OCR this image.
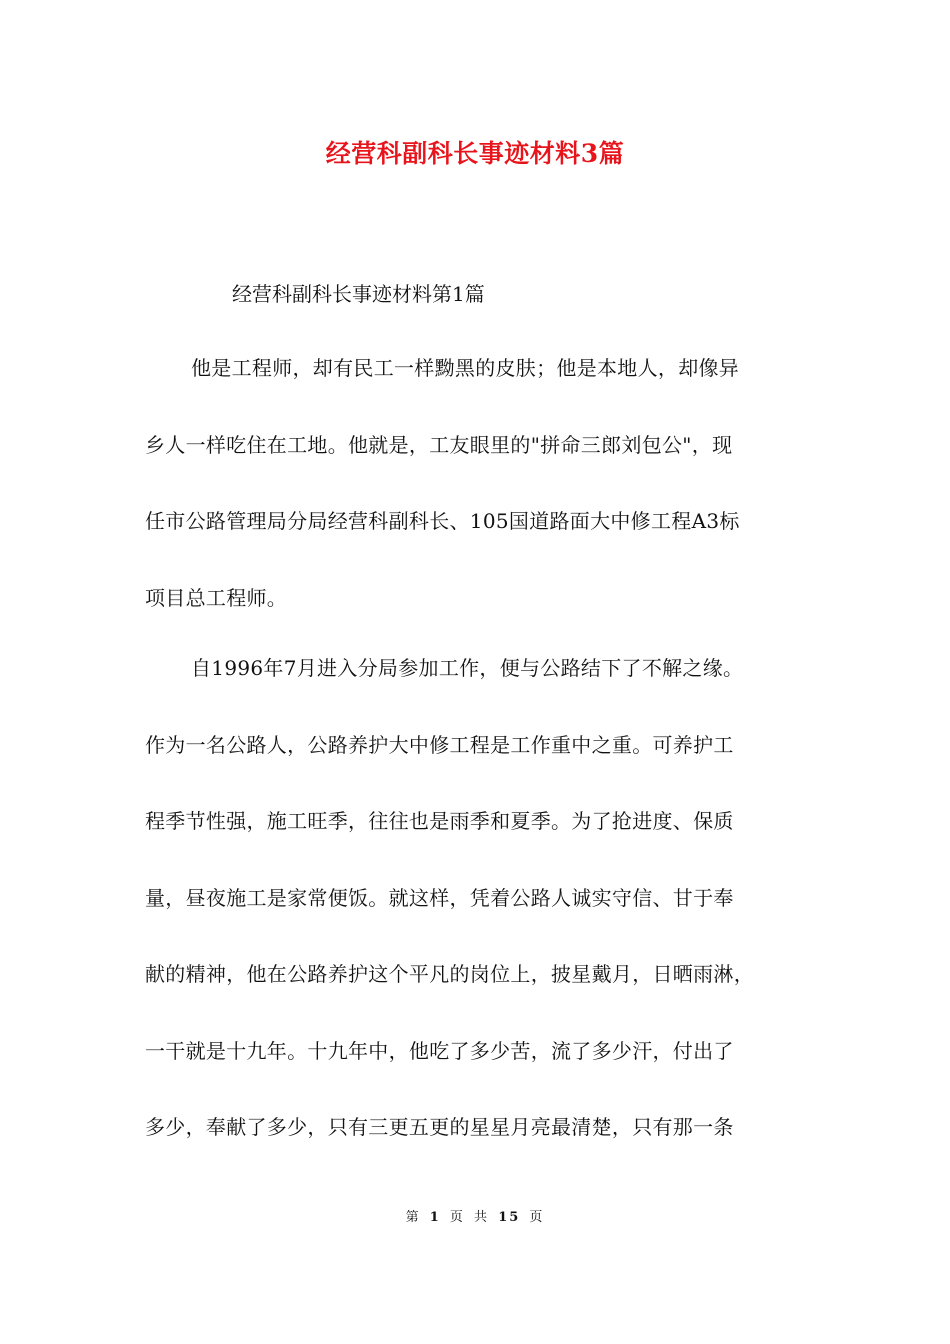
经营科副科长事迹材料3篇
经营科副科长事迹材料第1篇
他是工程师，却有民工一样黝黑的皮肤；他是本地人，却像异
乡人一样吃住在工地。他就是，工友眼里的"拼命三郎刘包公"，现
任市公路管理局分局经营科副科长、105国道路面大中修工程A3标
项目总工程师。
自1996年7月进入分局参加工作，便与公路结下了不解之缘。
作为一名公路人，公路养护大中修工程是工作重中之重。可养护工
程季节性强，施工旺季，往往也是雨季和夏季。为了抢进度、保质
量，昼夜施工是家常便饭。就这样，凭着公路人诚实守信、甘于奉
献的精神，他在公路养护这个平凡的岗位上，披星戴月，日晒雨淋，
一干就是十九年。十九年中，他吃了多少苦，流了多少汗，付出了
多少，奉献了多少，只有三更五更的星星月亮最清楚，只有那一条
第 1 页 共 15 页
